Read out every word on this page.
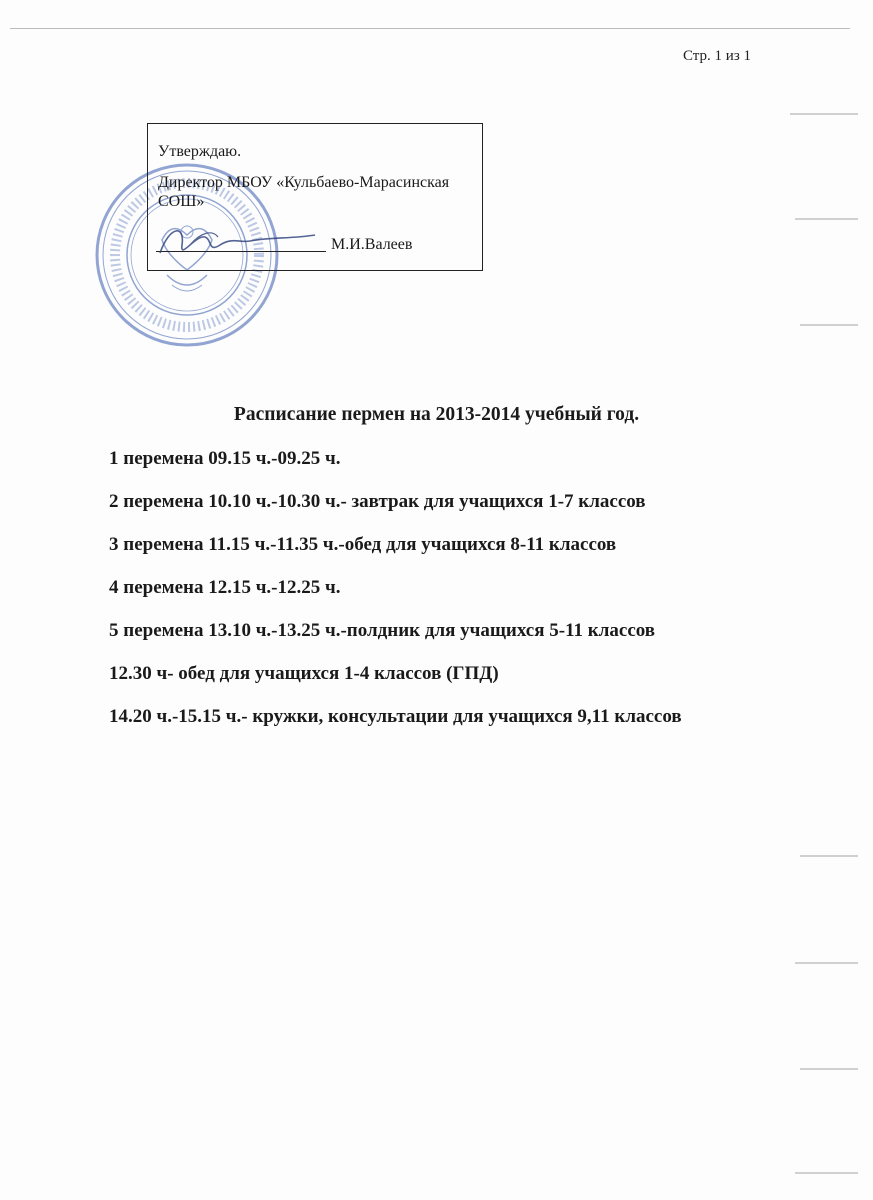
Стр. 1 из 1
Утверждаю.
Директор МБОУ «Кульбаево-Марасинская СОШ»
М.И.Валеев
Расписание пермен на 2013-2014 учебный год.
1 перемена 09.15 ч.-09.25 ч.
2 перемена 10.10 ч.-10.30 ч.- завтрак для учащихся 1-7 классов
3 перемена 11.15 ч.-11.35 ч.-обед для учащихся 8-11 классов
4 перемена 12.15 ч.-12.25 ч.
5 перемена 13.10 ч.-13.25 ч.-полдник для учащихся 5-11 классов
12.30 ч- обед для учащихся 1-4 классов (ГПД)
14.20 ч.-15.15 ч.- кружки, консультации для учащихся 9,11 классов
